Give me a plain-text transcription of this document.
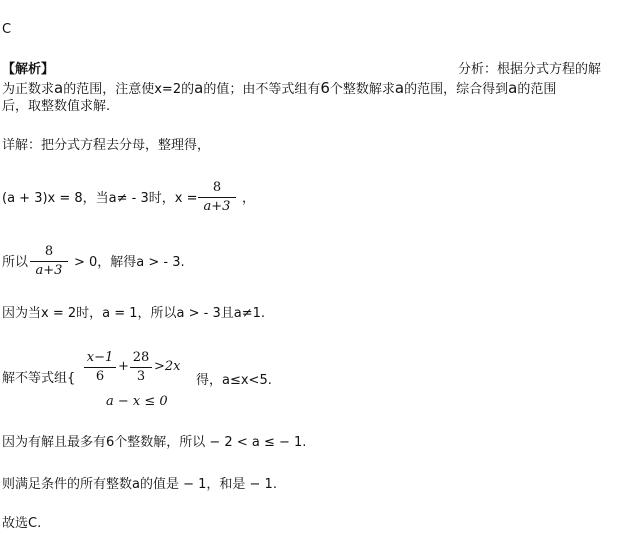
C
【解析】	分析：根据分式方程的解
为正数求a的范围，注意使x=2的a的值；由不等式组有6个整数解求a的范围，综合得到a的范围
后，取整数值求解.
详解：把分式方程去分母，整理得，
(a + 3)x = 8，当a≠ - 3时，x =
8
a+3
，
所以
8
a+3
> 0，解得a > - 3.
因为当x = 2时，a = 1，所以a > - 3且a≠1.
解不等式组{
x−1
6
+
28
3
>2x
a − x ≤ 0
得，a≤x<5.
因为有解且最多有6个整数解，所以 − 2 < a ≤ − 1.
则满足条件的所有整数a的值是 − 1，和是 − 1.
故选C.
